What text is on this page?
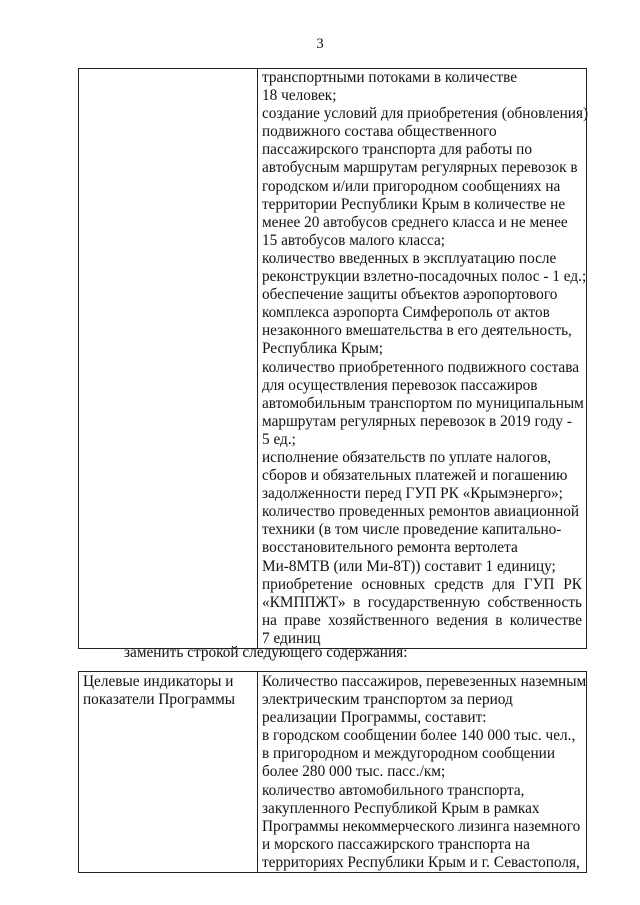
3

транспортными потоками в количестве
18 человек;
создание условий для приобретения (обновления)
подвижного состава общественного
пассажирского транспорта для работы по
автобусным маршрутам регулярных перевозок в
городском и/или пригородном сообщениях на
территории Республики Крым в количестве не
менее 20 автобусов среднего класса и не менее
15 автобусов малого класса;
количество введенных в эксплуатацию после
реконструкции взлетно-посадочных полос - 1 ед.;
обеспечение защиты объектов аэропортового
комплекса аэропорта Симферополь от актов
незаконного вмешательства в его деятельность,
Республика Крым;
количество приобретенного подвижного состава
для осуществления перевозок пассажиров
автомобильным транспортом по муниципальным
маршрутам регулярных перевозок в 2019 году -
5 ед.;
исполнение обязательств по уплате налогов,
сборов и обязательных платежей и погашению
задолженности перед ГУП РК «Крымэнерго»;
количество проведенных ремонтов авиационной
техники (в том числе проведение капитально-
восстановительного ремонта вертолета
Ми-8МТВ (или Ми-8Т)) составит 1 единицу;
приобретение основных средств для ГУП РК
«КМППЖТ» в государственную собственность
на праве хозяйственного ведения в количестве
7 единиц
заменить строкой следующего содержания:
Целевые индикаторы и
показатели Программы

Количество пассажиров, перевезенных наземным
электрическим транспортом за период
реализации Программы, составит:
в городском сообщении более 140 000 тыс. чел.,
в пригородном и междугородном сообщении
более 280 000 тыс. пасс./км;
количество автомобильного транспорта,
закупленного Республикой Крым в рамках
Программы некоммерческого лизинга наземного
и морского пассажирского транспорта на
территориях Республики Крым и г. Севастополя,
